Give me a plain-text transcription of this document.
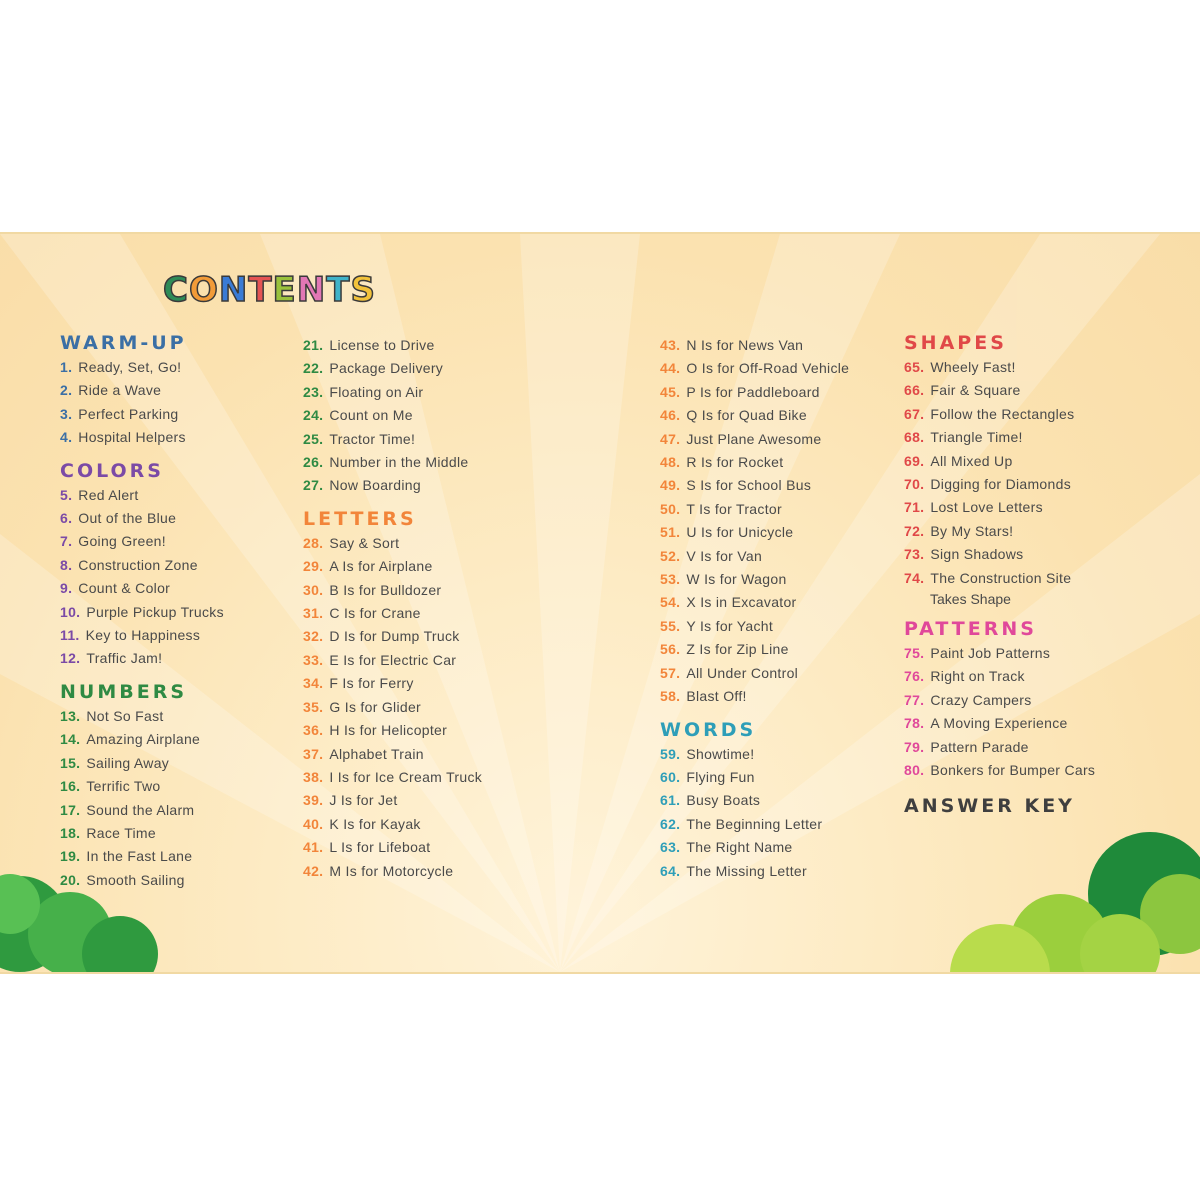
CONTENTS
WARM-UP
1. Ready, Set, Go!
2. Ride a Wave
3. Perfect Parking
4. Hospital Helpers
COLORS
5. Red Alert
6. Out of the Blue
7. Going Green!
8. Construction Zone
9. Count & Color
10. Purple Pickup Trucks
11. Key to Happiness
12. Traffic Jam!
NUMBERS
13. Not So Fast
14. Amazing Airplane
15. Sailing Away
16. Terrific Two
17. Sound the Alarm
18. Race Time
19. In the Fast Lane
20. Smooth Sailing
21. License to Drive
22. Package Delivery
23. Floating on Air
24. Count on Me
25. Tractor Time!
26. Number in the Middle
27. Now Boarding
LETTERS
28. Say & Sort
29. A Is for Airplane
30. B Is for Bulldozer
31. C Is for Crane
32. D Is for Dump Truck
33. E Is for Electric Car
34. F Is for Ferry
35. G Is for Glider
36. H Is for Helicopter
37. Alphabet Train
38. I Is for Ice Cream Truck
39. J Is for Jet
40. K Is for Kayak
41. L Is for Lifeboat
42. M Is for Motorcycle
43. N Is for News Van
44. O Is for Off-Road Vehicle
45. P Is for Paddleboard
46. Q Is for Quad Bike
47. Just Plane Awesome
48. R Is for Rocket
49. S Is for School Bus
50. T Is for Tractor
51. U Is for Unicycle
52. V Is for Van
53. W Is for Wagon
54. X Is in Excavator
55. Y Is for Yacht
56. Z Is for Zip Line
57. All Under Control
58. Blast Off!
WORDS
59. Showtime!
60. Flying Fun
61. Busy Boats
62. The Beginning Letter
63. The Right Name
64. The Missing Letter
SHAPES
65. Wheely Fast!
66. Fair & Square
67. Follow the Rectangles
68. Triangle Time!
69. All Mixed Up
70. Digging for Diamonds
71. Lost Love Letters
72. By My Stars!
73. Sign Shadows
74. The Construction Site
Takes Shape
PATTERNS
75. Paint Job Patterns
76. Right on Track
77. Crazy Campers
78. A Moving Experience
79. Pattern Parade
80. Bonkers for Bumper Cars
ANSWER KEY
